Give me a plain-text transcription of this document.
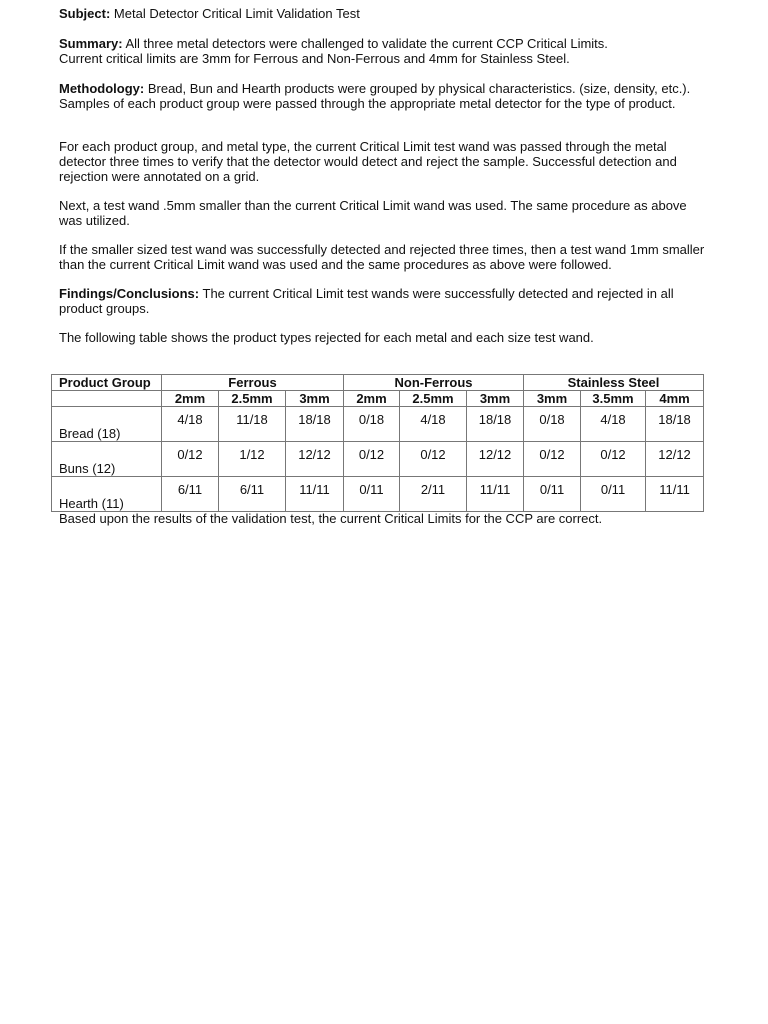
Subject: Metal Detector Critical Limit Validation Test

Summary: All three metal detectors were challenged to validate the current CCP Critical Limits.
Current critical limits are 3mm for Ferrous and Non-Ferrous and 4mm for Stainless Steel.

Methodology: Bread, Bun and Hearth products were grouped by physical characteristics. (size, density, etc.). Samples of each product group were passed through the appropriate metal detector for the type of product.

For each product group, and metal type, the current Critical Limit test wand was passed through the metal detector three times to verify that the detector would detect and reject the sample. Successful detection and rejection were annotated on a grid.

Next, a test wand .5mm smaller than the current Critical Limit wand was used. The same procedure as above was utilized.

If the smaller sized test wand was successfully detected and rejected three times, then a test wand 1mm smaller than the current Critical Limit wand was used and the same procedures as above were followed.

Findings/Conclusions: The current Critical Limit test wands were successfully detected and rejected in all product groups.

The following table shows the product types rejected for each metal and each size test wand.

Product Group	Ferrous			Non-Ferrous			Stainless Steel		
	2mm	2.5mm	3mm	2mm	2.5mm	3mm	3mm	3.5mm	4mm
Bread (18)	4/18	11/18	18/18	0/18	4/18	18/18	0/18	4/18	18/18
Buns (12)	0/12	1/12	12/12	0/12	0/12	12/12	0/12	0/12	12/12
Hearth (11)	6/11	6/11	11/11	0/11	2/11	11/11	0/11	0/11	11/11

Based upon the results of the validation test, the current Critical Limits for the CCP are correct.
